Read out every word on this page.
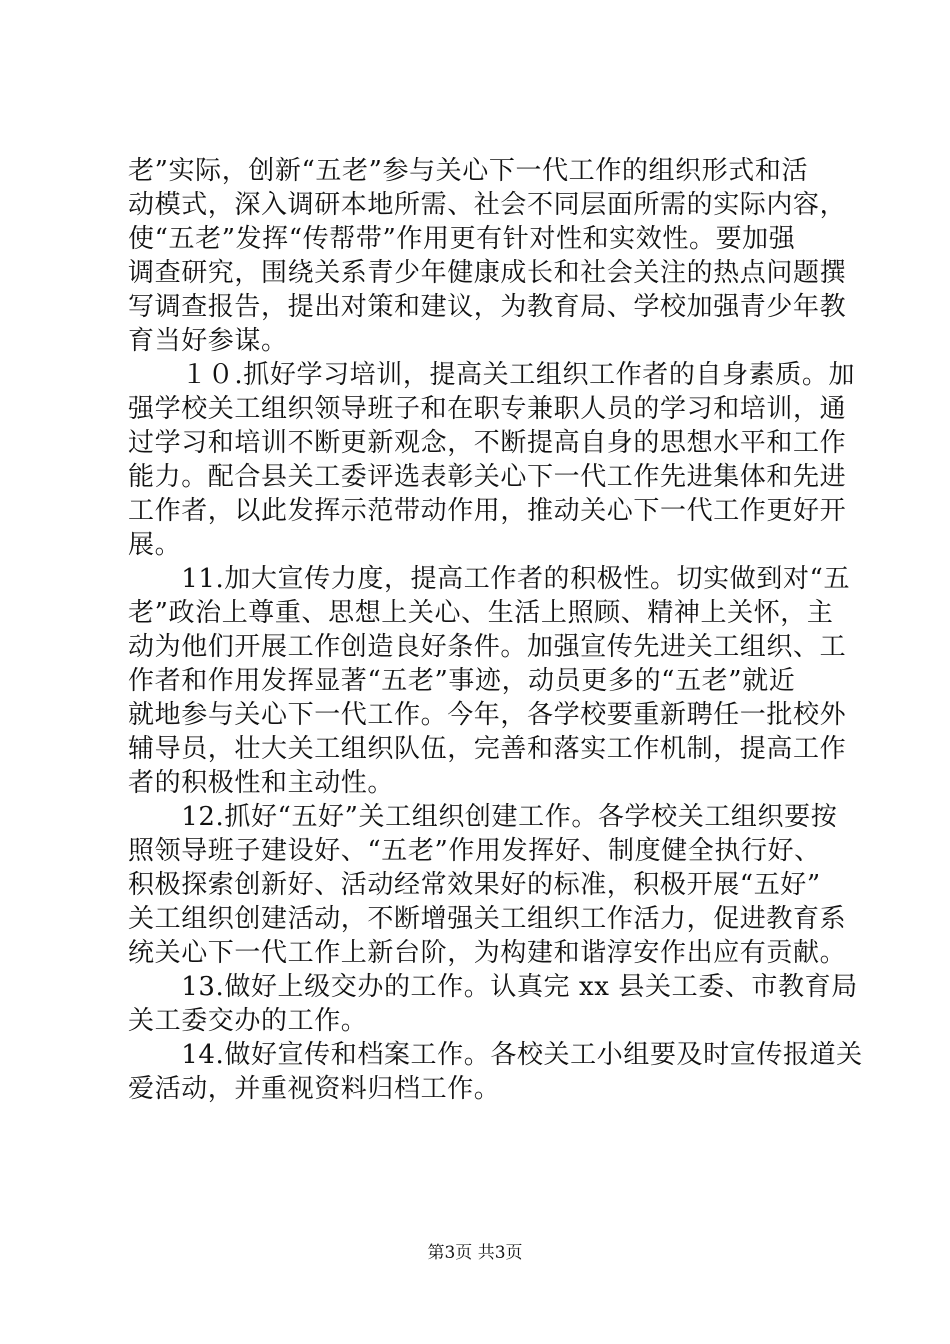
老”实际，创新“五老”参与关心下一代工作的组织形式和活
动模式，深入调研本地所需、社会不同层面所需的实际内容，
使“五老”发挥“传帮带”作用更有针对性和实效性。要加强
调查研究，围绕关系青少年健康成长和社会关注的热点问题撰
写调查报告，提出对策和建议，为教育局、学校加强青少年教
育当好参谋。
　　１０.抓好学习培训，提高关工组织工作者的自身素质。加
强学校关工组织领导班子和在职专兼职人员的学习和培训，通
过学习和培训不断更新观念，不断提高自身的思想水平和工作
能力。配合县关工委评选表彰关心下一代工作先进集体和先进
工作者，以此发挥示范带动作用，推动关心下一代工作更好开
展。
　　11.加大宣传力度，提高工作者的积极性。切实做到对“五
老”政治上尊重、思想上关心、生活上照顾、精神上关怀，主
动为他们开展工作创造良好条件。加强宣传先进关工组织、工
作者和作用发挥显著“五老”事迹，动员更多的“五老”就近
就地参与关心下一代工作。今年，各学校要重新聘任一批校外
辅导员，壮大关工组织队伍，完善和落实工作机制，提高工作
者的积极性和主动性。
　　12.抓好“五好”关工组织创建工作。各学校关工组织要按
照领导班子建设好、“五老”作用发挥好、制度健全执行好、
积极探索创新好、活动经常效果好的标准，积极开展“五好”
关工组织创建活动，不断增强关工组织工作活力，促进教育系
统关心下一代工作上新台阶，为构建和谐淳安作出应有贡献。
　　13.做好上级交办的工作。认真完 xx 县关工委、市教育局
关工委交办的工作。
　　14.做好宣传和档案工作。各校关工小组要及时宣传报道关
爱活动，并重视资料归档工作。
第3页 共3页
